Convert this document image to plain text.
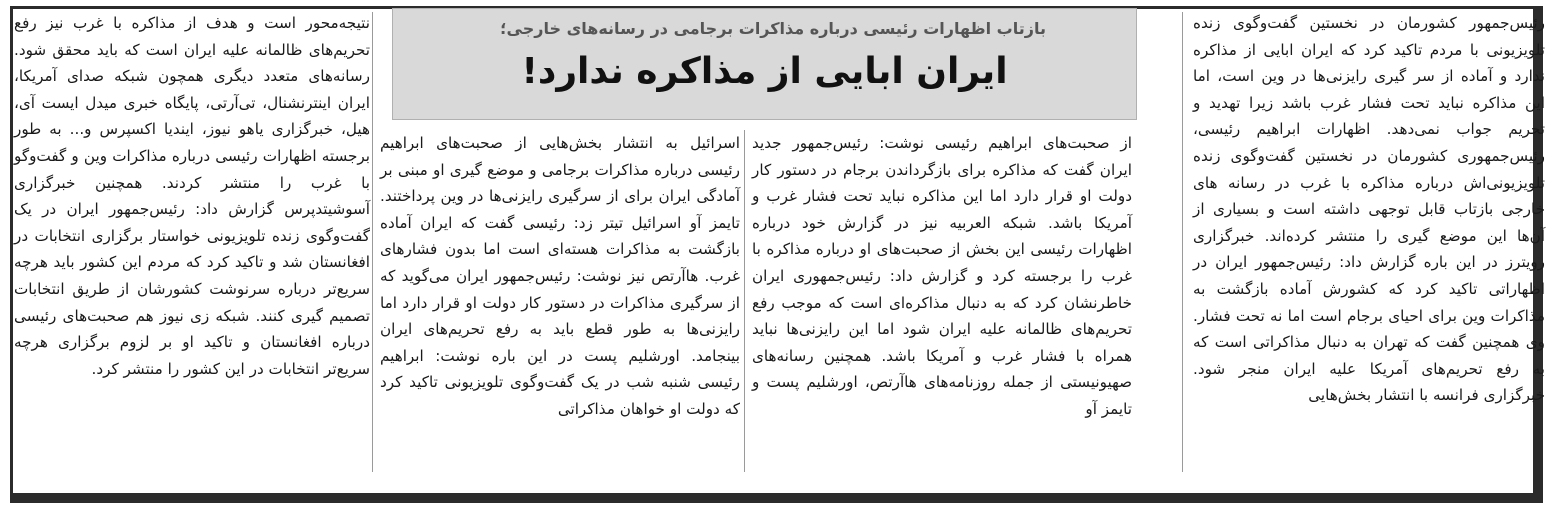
بازتاب اظهارات رئیسی درباره مذاکرات برجامی در رسانه‌های خارجی؛
ایران ابایی از مذاکره ندارد!

رئیس‌جمهور کشورمان در نخستین گفت‌وگوی زنده تلویزیونی با مردم تاکید کرد که ایران ابایی از مذاکره ندارد و آماده از سر گیری رایزنی‌ها در وین است، اما این مذاکره نباید تحت فشار غرب باشد زیرا تهدید و تحریم جواب نمی‌دهد. اظهارات ابراهیم رئیسی، رئیس‌جمهوری کشورمان در نخستین گفت‌وگوی زنده تلویزیونی‌اش درباره مذاکره با غرب در رسانه های خارجی بازتاب قابل توجهی داشته است و بسیاری از آن‌ها این موضع گیری را منتشر کرده‌اند. خبرگزاری رویترز در این باره گزارش داد: رئیس‌جمهور ایران در اظهاراتی تاکید کرد که کشورش آماده بازگشت به مذاکرات وین برای احیای برجام است اما نه تحت فشار. وی همچنین گفت که تهران به دنبال مذاکراتی است که به رفع تحریم‌های آمریکا علیه ایران منجر شود. خبرگزاری فرانسه با انتشار بخش‌هایی

از صحبت‌های ابراهیم رئیسی نوشت: رئیس‌جمهور جدید ایران گفت که مذاکره برای بازگرداندن برجام در دستور کار دولت او قرار دارد اما این مذاکره نباید تحت فشار غرب و آمریکا باشد. شبکه العربیه نیز در گزارش خود درباره اظهارات رئیسی این بخش از صحبت‌های او درباره مذاکره با غرب را برجسته کرد و گزارش داد: رئیس‌جمهوری ایران خاطرنشان کرد که به دنبال مذاکره‌ای است که موجب رفع تحریم‌های ظالمانه علیه ایران شود اما این رایزنی‌ها نباید همراه با فشار غرب و آمریکا باشد. همچنین رسانه‌های صهیونیستی از جمله روزنامه‌های هاآرتص، اورشلیم پست و تایمز آو

اسرائیل به انتشار بخش‌هایی از صحبت‌های ابراهیم رئیسی درباره مذاکرات برجامی و موضع گیری او مبنی بر آمادگی ایران برای از سرگیری رایزنی‌ها در وین پرداختند. تایمز آو اسرائیل تیتر زد: رئیسی گفت که ایران آماده بازگشت به مذاکرات هسته‌ای است اما بدون فشارهای غرب. هاآرتص نیز نوشت: رئیس‌جمهور ایران می‌گوید که از سرگیری مذاکرات در دستور کار دولت او قرار دارد اما رایزنی‌ها به طور قطع باید به رفع تحریم‌های ایران بینجامد. اورشلیم پست در این باره نوشت: ابراهیم رئیسی شنبه شب در یک گفت‌وگوی تلویزیونی تاکید کرد که دولت او خواهان مذاکراتی

نتیجه‌محور است و هدف از مذاکره با غرب نیز رفع تحریم‌های ظالمانه علیه ایران است که باید محقق شود. رسانه‌های متعدد دیگری همچون شبکه صدای آمریکا، ایران اینترنشنال، تی‌آرتی، پایگاه خبری میدل ایست آی، هیل، خبرگزاری یاهو نیوز، ایندیا اکسپرس و... به طور برجسته اظهارات رئیسی درباره مذاکرات وین و گفت‌وگو با غرب را منتشر کردند. همچنین خبرگزاری آسوشیتدپرس گزارش داد: رئیس‌جمهور ایران در یک گفت‌وگوی زنده تلویزیونی خواستار برگزاری انتخابات در افغانستان شد و تاکید کرد که مردم این کشور باید هرچه سریع‌تر درباره سرنوشت کشورشان از طریق انتخابات تصمیم گیری کنند. شبکه زی نیوز هم صحبت‌های رئیسی درباره افغانستان و تاکید او بر لزوم برگزاری هرچه سریع‌تر انتخابات در این کشور را منتشر کرد.
